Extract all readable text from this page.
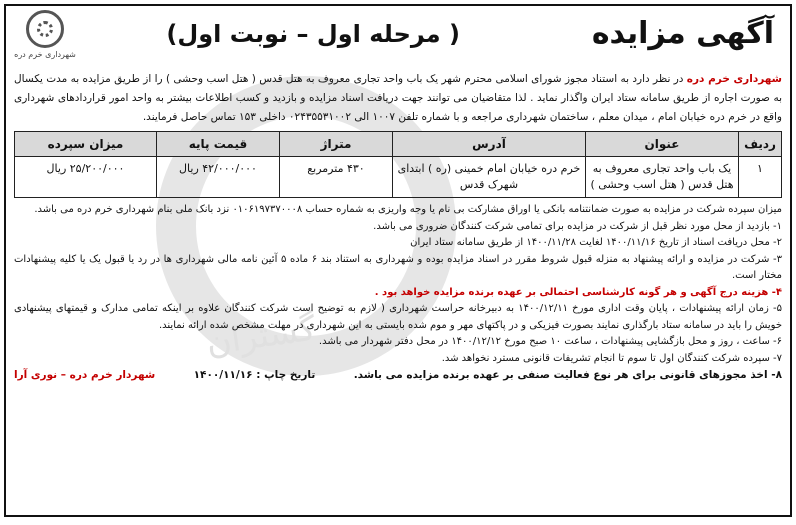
گستران
آگهی مزایده
( مرحله اول – نوبت اول)
شهرداری خرم دره
شهرداری خرم دره در نظر دارد به استناد مجوز شورای اسلامی محترم شهر یک باب واحد تجاری معروف به هتل قدس ( هتل اسب وحشی ) را از طریق مزایده به مدت یکسال به صورت اجاره از طریق سامانه ستاد ایران واگذار نماید . لذا متقاضیان می توانند جهت دریافت اسناد مزایده و بازدید و کسب اطلاعات بیشتر به واحد امور قراردادهای شهرداری واقع در خرم دره خیابان امام ، میدان معلم ، ساختمان شهرداری مراجعه و با شماره تلفن ۱۰۰۷ الی ۰۲۴۳۵۵۳۱۰۰۲ داخلی ۱۵۳ تماس حاصل فرمایند.
ردیف	عنوان	آدرس	متراژ	قیمت پایه	میزان سپرده
۱	یک باب واحد تجاری معروف به هتل قدس ( هتل اسب وحشی )	خرم دره خیابان امام خمینی (ره ) ابتدای شهرک قدس	۴۳۰ مترمربع	۴۲/۰۰۰/۰۰۰ ریال	۲۵/۲۰۰/۰۰۰ ریال
میزان سپرده شرکت در مزایده به صورت ضمانتنامه بانکی یا اوراق مشارکت بی نام یا وجه واریزی به شماره حساب ۰۱۰۶۱۹۷۳۷۰۰۰۸ نزد بانک ملی بنام شهرداری خرم دره می باشد.
۱- بازدید از محل مورد نظر قبل از شرکت در مزایده برای تمامی شرکت کنندگان ضروری می باشد.
۲- محل دریافت اسناد از تاریخ ۱۴۰۰/۱۱/۱۶ لغایت ۱۴۰۰/۱۱/۲۸ از طریق سامانه ستاد ایران
۳- شرکت در مزایده و ارائه پیشنهاد به منزله قبول شروط مقرر در اسناد مزایده بوده و شهرداری به استناد بند ۶ ماده ۵ آئین نامه مالی شهرداری ها در رد یا قبول یک یا کلیه پیشنهادات مختار است.
۴- هزینه درج آگهی و هر گونه کارشناسی احتمالی بر عهده برنده مزایده خواهد بود .
۵- زمان ارائه پیشنهادات ، پایان وقت اداری مورخ ۱۴۰۰/۱۲/۱۱ به دبیرخانه حراست شهرداری ( لازم به توضیح است شرکت کنندگان علاوه بر اینکه تمامی مدارک و قیمتهای پیشنهادی خویش را باید در سامانه ستاد بارگذاری نمایند بصورت فیزیکی و در پاکتهای مهر و موم شده بایستی به این شهرداری در مهلت مشخص شده ارائه نمایند.
۶- ساعت ، روز و محل بازگشایی پیشنهادات ، ساعت ۱۰ صبح مورخ ۱۴۰۰/۱۲/۱۲ در محل دفتر شهردار می باشد.
۷- سپرده شرکت کنندگان اول تا سوم تا انجام تشریفات قانونی مسترد نخواهد شد.
۸- اخذ مجوزهای قانونی برای هر نوع فعالیت صنفی بر عهده برنده مزایده می باشد.
تاریخ چاپ : ۱۴۰۰/۱۱/۱۶
شهردار خرم دره – نوری آرا
